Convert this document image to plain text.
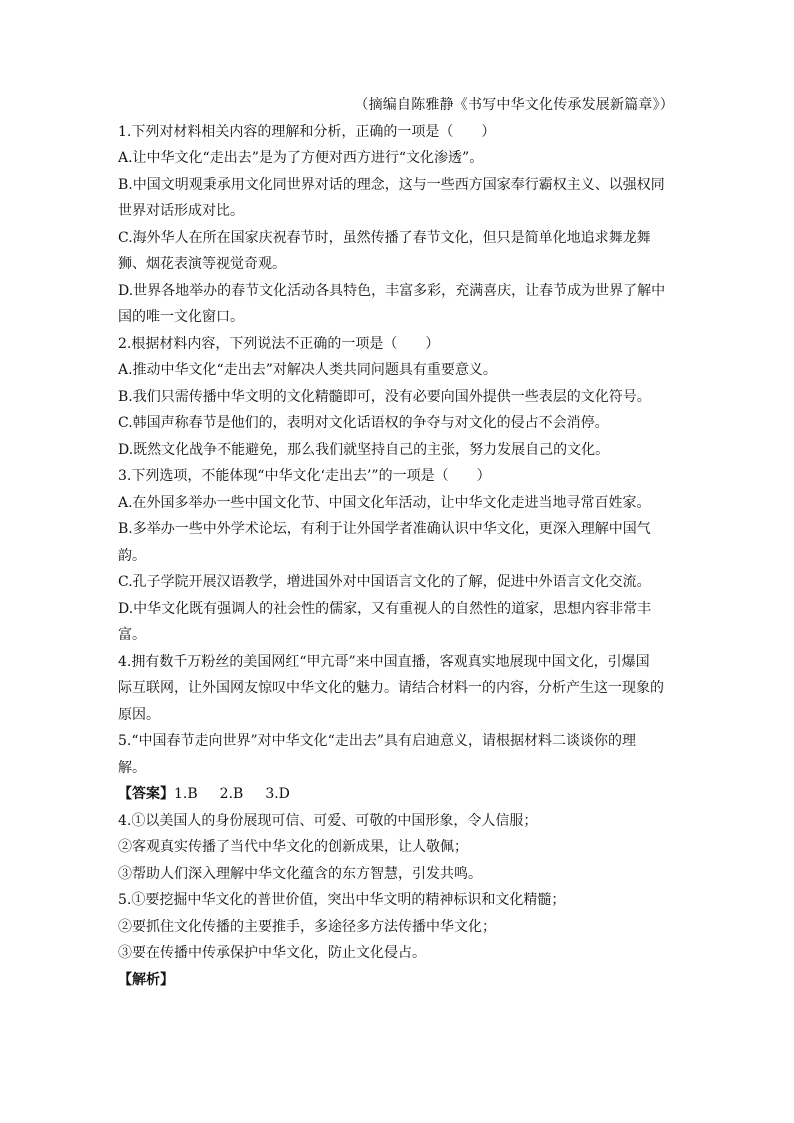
（摘编自陈雅静《书写中华文化传承发展新篇章》）
1.下列对材料相关内容的理解和分析，正确的一项是（　　）
A.让中华文化“走出去”是为了方便对西方进行“文化渗透”。
B.中国文明观秉承用文化同世界对话的理念，这与一些西方国家奉行霸权主义、以强权同
世界对话形成对比。
C.海外华人在所在国家庆祝春节时，虽然传播了春节文化，但只是简单化地追求舞龙舞
狮、烟花表演等视觉奇观。
D.世界各地举办的春节文化活动各具特色，丰富多彩，充满喜庆，让春节成为世界了解中
国的唯一文化窗口。
2.根据材料内容，下列说法不正确的一项是（　　）
A.推动中华文化“走出去”对解决人类共同问题具有重要意义。
B.我们只需传播中华文明的文化精髓即可，没有必要向国外提供一些表层的文化符号。
C.韩国声称春节是他们的，表明对文化话语权的争夺与对文化的侵占不会消停。
D.既然文化战争不能避免，那么我们就坚持自己的主张，努力发展自己的文化。
3.下列选项，不能体现“中华文化‘走出去’”的一项是（　　）
A.在外国多举办一些中国文化节、中国文化年活动，让中华文化走进当地寻常百姓家。
B.多举办一些中外学术论坛，有利于让外国学者准确认识中华文化，更深入理解中国气
韵。
C.孔子学院开展汉语教学，增进国外对中国语言文化的了解，促进中外语言文化交流。
D.中华文化既有强调人的社会性的儒家，又有重视人的自然性的道家，思想内容非常丰
富。
4.拥有数千万粉丝的美国网红“甲亢哥”来中国直播，客观真实地展现中国文化，引爆国
际互联网，让外国网友惊叹中华文化的魅力。请结合材料一的内容，分析产生这一现象的
原因。
5.“中国春节走向世界”对中华文化“走出去”具有启迪意义，请根据材料二谈谈你的理
解。
【答案】1.B 2.B 3.D
4.①以美国人的身份展现可信、可爱、可敬的中国形象，令人信服；
②客观真实传播了当代中华文化的创新成果，让人敬佩；
③帮助人们深入理解中华文化蕴含的东方智慧，引发共鸣。
5.①要挖掘中华文化的普世价值，突出中华文明的精神标识和文化精髓；
②要抓住文化传播的主要推手，多途径多方法传播中华文化；
③要在传播中传承保护中华文化，防止文化侵占。
【解析】
